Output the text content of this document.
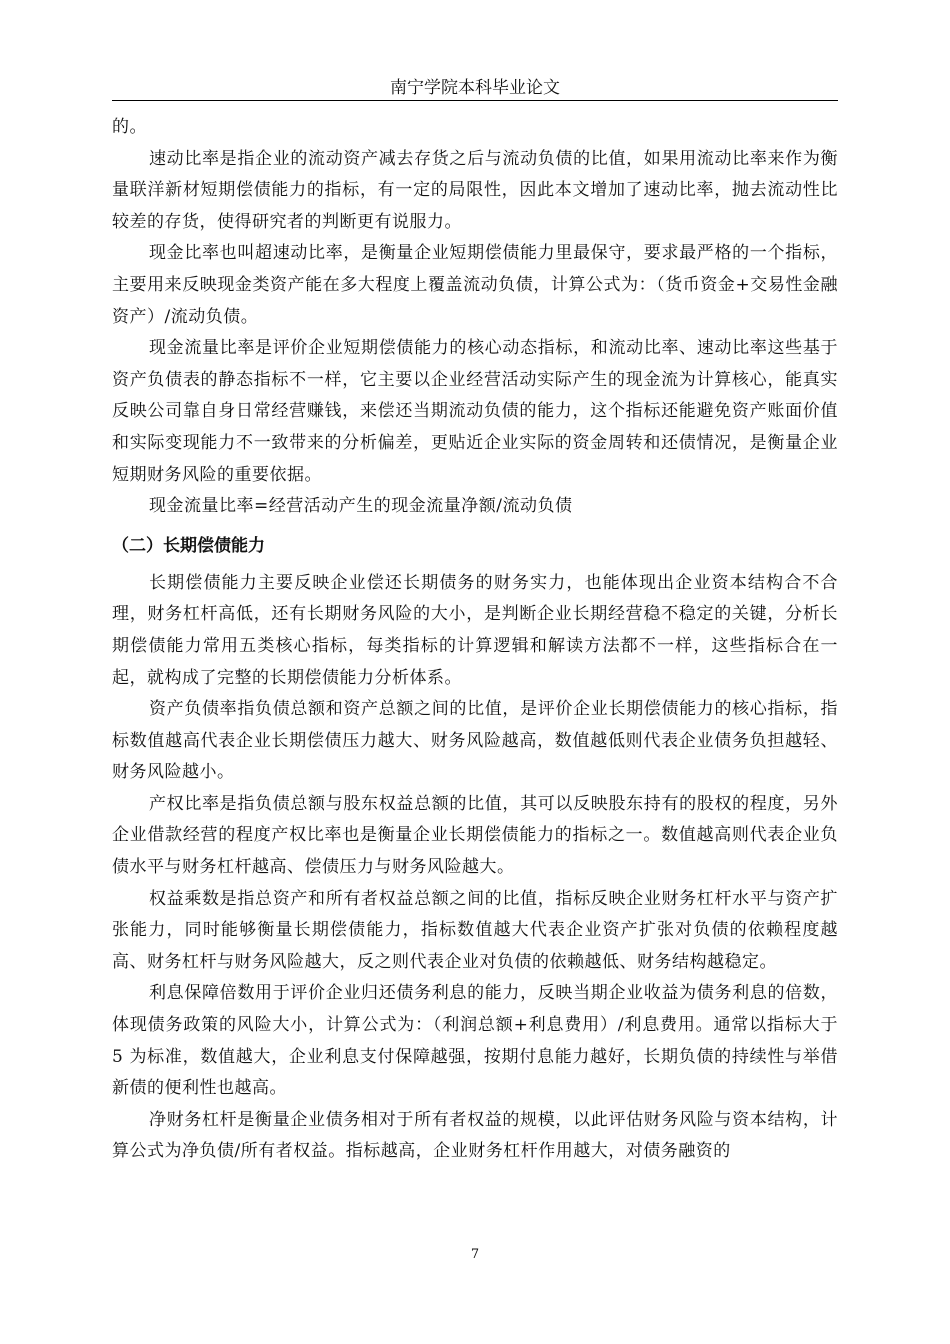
南宁学院本科毕业论文

的。

速动比率是指企业的流动资产减去存货之后与流动负债的比值，如果用流动比率来作为衡量联洋新材短期偿债能力的指标，有一定的局限性，因此本文增加了速动比率，抛去流动性比较差的存货，使得研究者的判断更有说服力。

现金比率也叫超速动比率，是衡量企业短期偿债能力里最保守，要求最严格的一个指标，主要用来反映现金类资产能在多大程度上覆盖流动负债，计算公式为：（货币资金+交易性金融资产）/流动负债。

现金流量比率是评价企业短期偿债能力的核心动态指标，和流动比率、速动比率这些基于资产负债表的静态指标不一样，它主要以企业经营活动实际产生的现金流为计算核心，能真实反映公司靠自身日常经营赚钱，来偿还当期流动负债的能力，这个指标还能避免资产账面价值和实际变现能力不一致带来的分析偏差，更贴近企业实际的资金周转和还债情况，是衡量企业短期财务风险的重要依据。

现金流量比率=经营活动产生的现金流量净额/流动负债

（二）长期偿债能力

长期偿债能力主要反映企业偿还长期债务的财务实力，也能体现出企业资本结构合不合理，财务杠杆高低，还有长期财务风险的大小，是判断企业长期经营稳不稳定的关键，分析长期偿债能力常用五类核心指标，每类指标的计算逻辑和解读方法都不一样，这些指标合在一起，就构成了完整的长期偿债能力分析体系。

资产负债率指负债总额和资产总额之间的比值，是评价企业长期偿债能力的核心指标，指标数值越高代表企业长期偿债压力越大、财务风险越高，数值越低则代表企业债务负担越轻、财务风险越小。

产权比率是指负债总额与股东权益总额的比值，其可以反映股东持有的股权的程度，另外企业借款经营的程度产权比率也是衡量企业长期偿债能力的指标之一。数值越高则代表企业负债水平与财务杠杆越高、偿债压力与财务风险越大。

权益乘数是指总资产和所有者权益总额之间的比值，指标反映企业财务杠杆水平与资产扩张能力，同时能够衡量长期偿债能力，指标数值越大代表企业资产扩张对负债的依赖程度越高、财务杠杆与财务风险越大，反之则代表企业对负债的依赖越低、财务结构越稳定。

利息保障倍数用于评价企业归还债务利息的能力，反映当期企业收益为债务利息的倍数，体现债务政策的风险大小，计算公式为：（利润总额+利息费用）/利息费用。通常以指标大于 5 为标准，数值越大，企业利息支付保障越强，按期付息能力越好，长期负债的持续性与举借新债的便利性也越高。

净财务杠杆是衡量企业债务相对于所有者权益的规模，以此评估财务风险与资本结构，计算公式为净负债/所有者权益。指标越高，企业财务杠杆作用越大，对债务融资的

7
